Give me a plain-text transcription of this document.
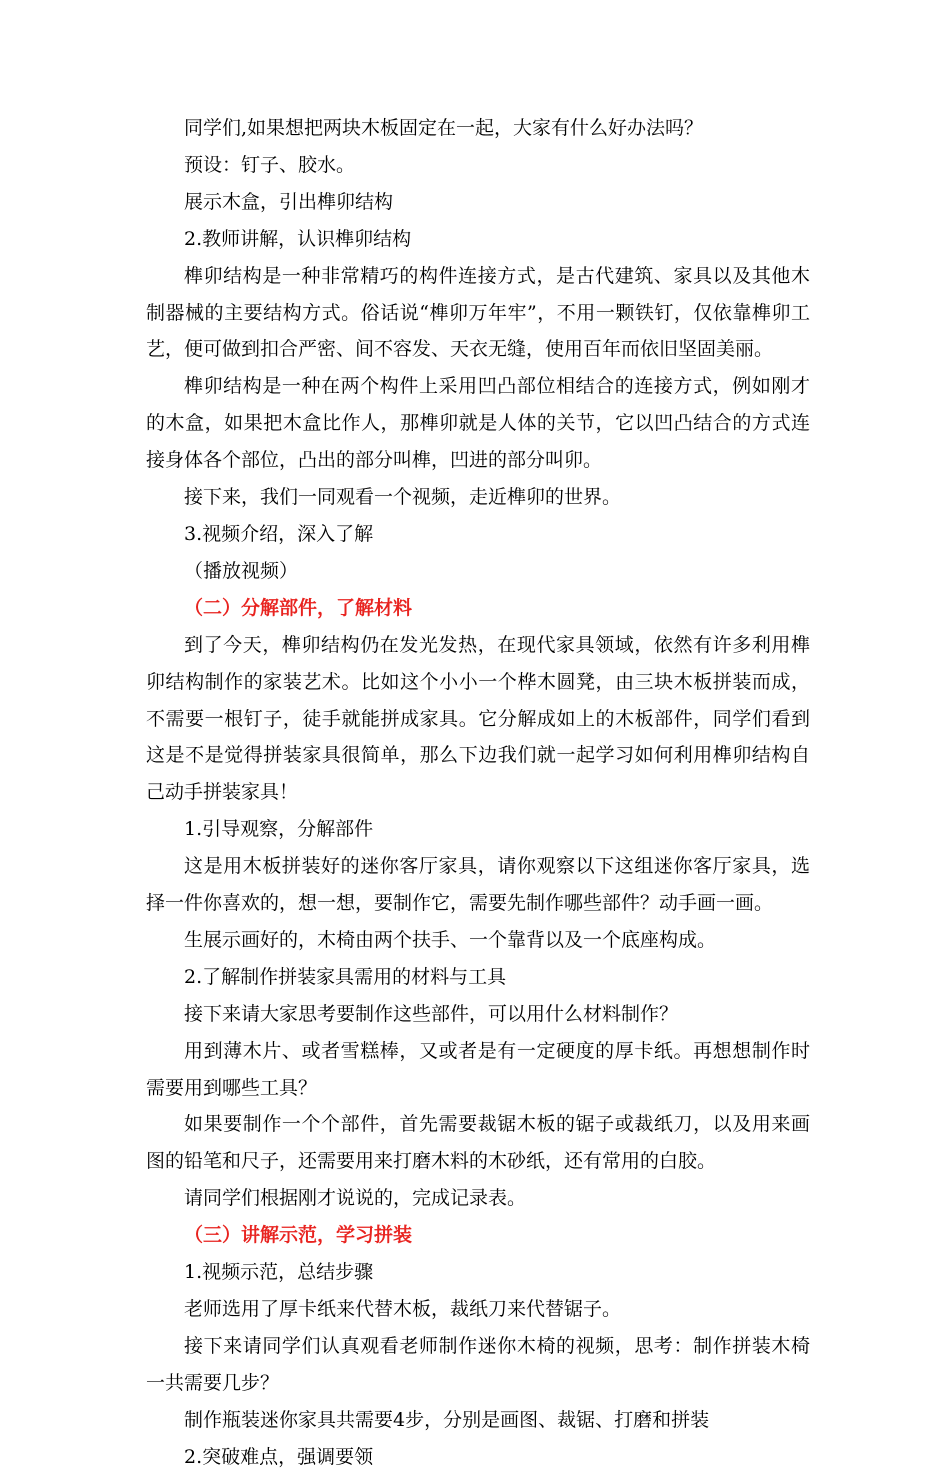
同学们,如果想把两块木板固定在一起，大家有什么好办法吗？

预设：钉子、胶水。

展示木盒，引出榫卯结构

2.教师讲解，认识榫卯结构

榫卯结构是一种非常精巧的构件连接方式，是古代建筑、家具以及其他木制器械的主要结构方式。俗话说“榫卯万年牢”，不用一颗铁钉，仅依靠榫卯工艺，便可做到扣合严密、间不容发、天衣无缝，使用百年而依旧坚固美丽。

榫卯结构是一种在两个构件上采用凹凸部位相结合的连接方式，例如刚才的木盒，如果把木盒比作人，那榫卯就是人体的关节，它以凹凸结合的方式连接身体各个部位，凸出的部分叫榫，凹进的部分叫卯。

接下来，我们一同观看一个视频，走近榫卯的世界。

3.视频介绍，深入了解

（播放视频）

（二）分解部件，了解材料

到了今天，榫卯结构仍在发光发热，在现代家具领域，依然有许多利用榫卯结构制作的家装艺术。比如这个小小一个桦木圆凳，由三块木板拼装而成，不需要一根钉子，徒手就能拼成家具。它分解成如上的木板部件，同学们看到这是不是觉得拼装家具很简单，那么下边我们就一起学习如何利用榫卯结构自己动手拼装家具！

1.引导观察，分解部件

这是用木板拼装好的迷你客厅家具，请你观察以下这组迷你客厅家具，选择一件你喜欢的，想一想，要制作它，需要先制作哪些部件？动手画一画。

生展示画好的，木椅由两个扶手、一个靠背以及一个底座构成。

2.了解制作拼装家具需用的材料与工具

接下来请大家思考要制作这些部件，可以用什么材料制作？

用到薄木片、或者雪糕棒，又或者是有一定硬度的厚卡纸。再想想制作时需要用到哪些工具？

如果要制作一个个部件，首先需要裁锯木板的锯子或裁纸刀，以及用来画图的铅笔和尺子，还需要用来打磨木料的木砂纸，还有常用的白胶。

请同学们根据刚才说说的，完成记录表。

（三）讲解示范，学习拼装

1.视频示范，总结步骤

老师选用了厚卡纸来代替木板，裁纸刀来代替锯子。

接下来请同学们认真观看老师制作迷你木椅的视频，思考：制作拼装木椅一共需要几步？

制作瓶装迷你家具共需要4步，分别是画图、裁锯、打磨和拼装

2.突破难点，强调要领
